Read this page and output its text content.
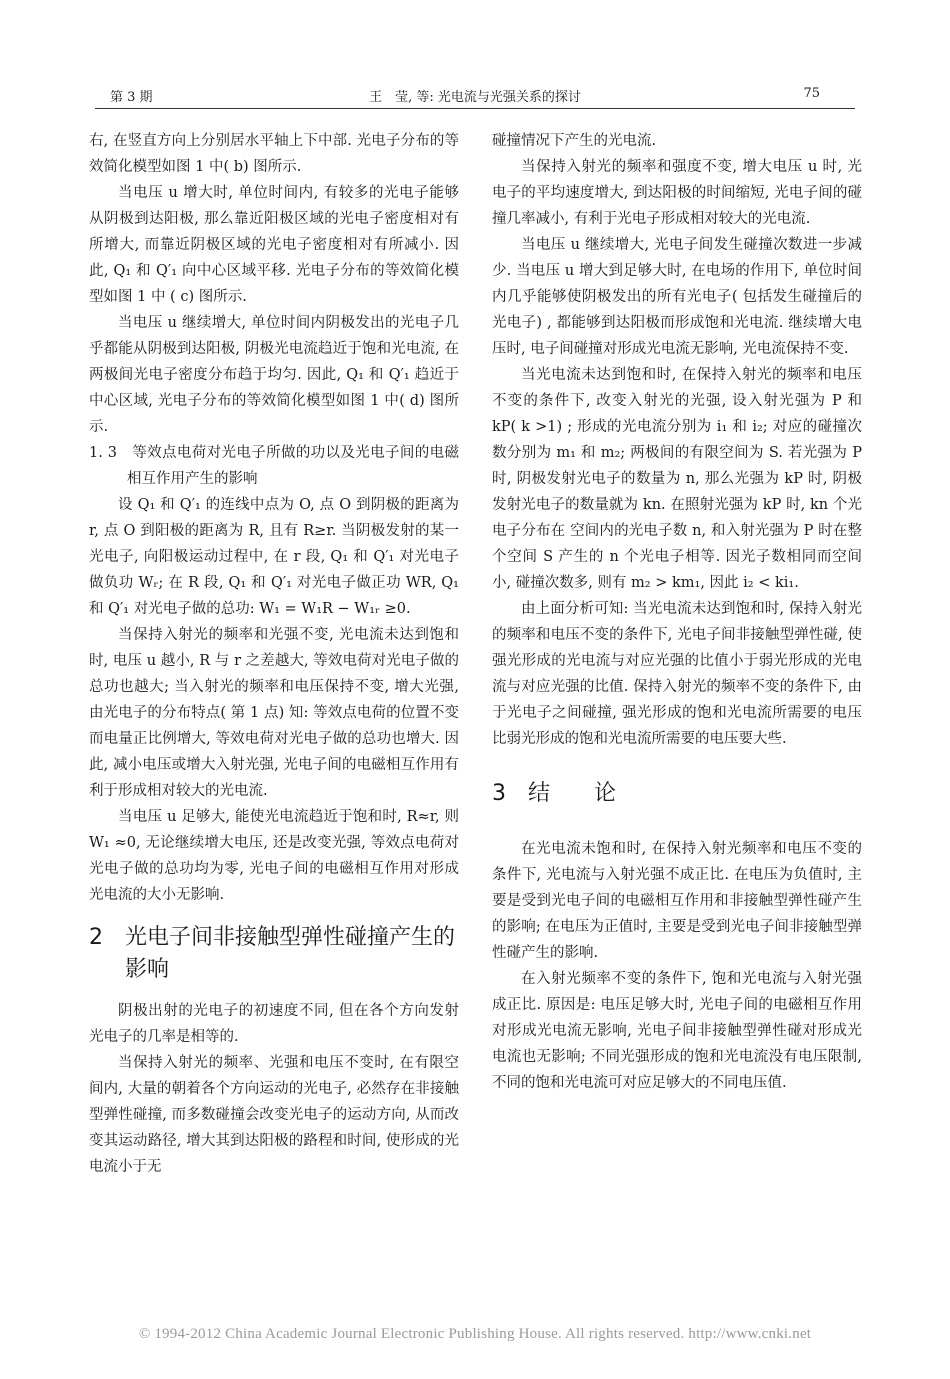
第 3 期	王　莹, 等: 光电流与光强关系的探讨	75

右, 在竖直方向上分别居水平轴上下中部. 光电子分布的等效简化模型如图 1 中( b) 图所示.

当电压 u 增大时, 单位时间内, 有较多的光电子能够从阴极到达阳极, 那么靠近阳极区域的光电子密度相对有所增大, 而靠近阴极区域的光电子密度相对有所减小. 因此, Q₁ 和 Q′₁ 向中心区域平移. 光电子分布的等效简化模型如图 1 中 ( c) 图所示.

当电压 u 继续增大, 单位时间内阴极发出的光电子几乎都能从阴极到达阳极, 阴极光电流趋近于饱和光电流, 在两极间光电子密度分布趋于均匀. 因此, Q₁ 和 Q′₁ 趋近于中心区域, 光电子分布的等效简化模型如图 1 中( d) 图所示.

1. 3　等效点电荷对光电子所做的功以及光电子间的电磁相互作用产生的影响

设 Q₁ 和 Q′₁ 的连线中点为 O, 点 O 到阴极的距离为 r, 点 O 到阳极的距离为 R, 且有 R≥r. 当阴极发射的某一光电子, 向阳极运动过程中, 在 r 段, Q₁ 和 Q′₁ 对光电子做负功 Wᵣ; 在 R 段, Q₁ 和 Q′₁ 对光电子做正功 WR, Q₁ 和 Q′₁ 对光电子做的总功: W₁ = W₁R − W₁ᵣ ≥0.

当保持入射光的频率和光强不变, 光电流未达到饱和时, 电压 u 越小, R 与 r 之差越大, 等效电荷对光电子做的总功也越大; 当入射光的频率和电压保持不变, 增大光强, 由光电子的分布特点( 第 1 点) 知: 等效点电荷的位置不变而电量正比例增大, 等效电荷对光电子做的总功也增大. 因此, 减小电压或增大入射光强, 光电子间的电磁相互作用有利于形成相对较大的光电流.

当电压 u 足够大, 能使光电流趋近于饱和时, R≈r, 则 W₁ ≈0, 无论继续增大电压, 还是改变光强, 等效点电荷对光电子做的总功均为零, 光电子间的电磁相互作用对形成光电流的大小无影响.

2　光电子间非接触型弹性碰撞产生的影响

阴极出射的光电子的初速度不同, 但在各个方向发射光电子的几率是相等的.

当保持入射光的频率、光强和电压不变时, 在有限空间内, 大量的朝着各个方向运动的光电子, 必然存在非接触型弹性碰撞, 而多数碰撞会改变光电子的运动方向, 从而改变其运动路径, 增大其到达阳极的路程和时间, 使形成的光电流小于无

碰撞情况下产生的光电流.

当保持入射光的频率和强度不变, 增大电压 u 时, 光电子的平均速度增大, 到达阳极的时间缩短, 光电子间的碰撞几率减小, 有利于光电子形成相对较大的光电流.

当电压 u 继续增大, 光电子间发生碰撞次数进一步减少. 当电压 u 增大到足够大时, 在电场的作用下, 单位时间内几乎能够使阴极发出的所有光电子( 包括发生碰撞后的光电子) , 都能够到达阳极而形成饱和光电流. 继续增大电压时, 电子间碰撞对形成光电流无影响, 光电流保持不变.

当光电流未达到饱和时, 在保持入射光的频率和电压不变的条件下, 改变入射光的光强, 设入射光强为 P 和 kP( k >1) ; 形成的光电流分别为 i₁ 和 i₂; 对应的碰撞次数分别为 m₁ 和 m₂; 两极间的有限空间为 S. 若光强为 P 时, 阴极发射光电子的数量为 n, 那么光强为 kP 时, 阴极发射光电子的数量就为 kn. 在照射光强为 kP 时, kn 个光电子分布在 空间内的光电子数 n, 和入射光强为 P 时在整个空间 S 产生的 n 个光电子相等. 因光子数相同而空间小, 碰撞次数多, 则有 m₂ > km₁, 因此 i₂ < ki₁.

由上面分析可知: 当光电流未达到饱和时, 保持入射光的频率和电压不变的条件下, 光电子间非接触型弹性碰, 使强光形成的光电流与对应光强的比值小于弱光形成的光电流与对应光强的比值. 保持入射光的频率不变的条件下, 由于光电子之间碰撞, 强光形成的饱和光电流所需要的电压比弱光形成的饱和光电流所需要的电压要大些.

3　结　　论

在光电流未饱和时, 在保持入射光频率和电压不变的条件下, 光电流与入射光强不成正比. 在电压为负值时, 主要是受到光电子间的电磁相互作用和非接触型弹性碰产生的影响; 在电压为正值时, 主要是受到光电子间非接触型弹性碰产生的影响.

在入射光频率不变的条件下, 饱和光电流与入射光强成正比. 原因是: 电压足够大时, 光电子间的电磁相互作用对形成光电流无影响, 光电子间非接触型弹性碰对形成光电流也无影响; 不同光强形成的饱和光电流没有电压限制, 不同的饱和光电流可对应足够大的不同电压值.

© 1994-2012 China Academic Journal Electronic Publishing House. All rights reserved. http://www.cnki.net
